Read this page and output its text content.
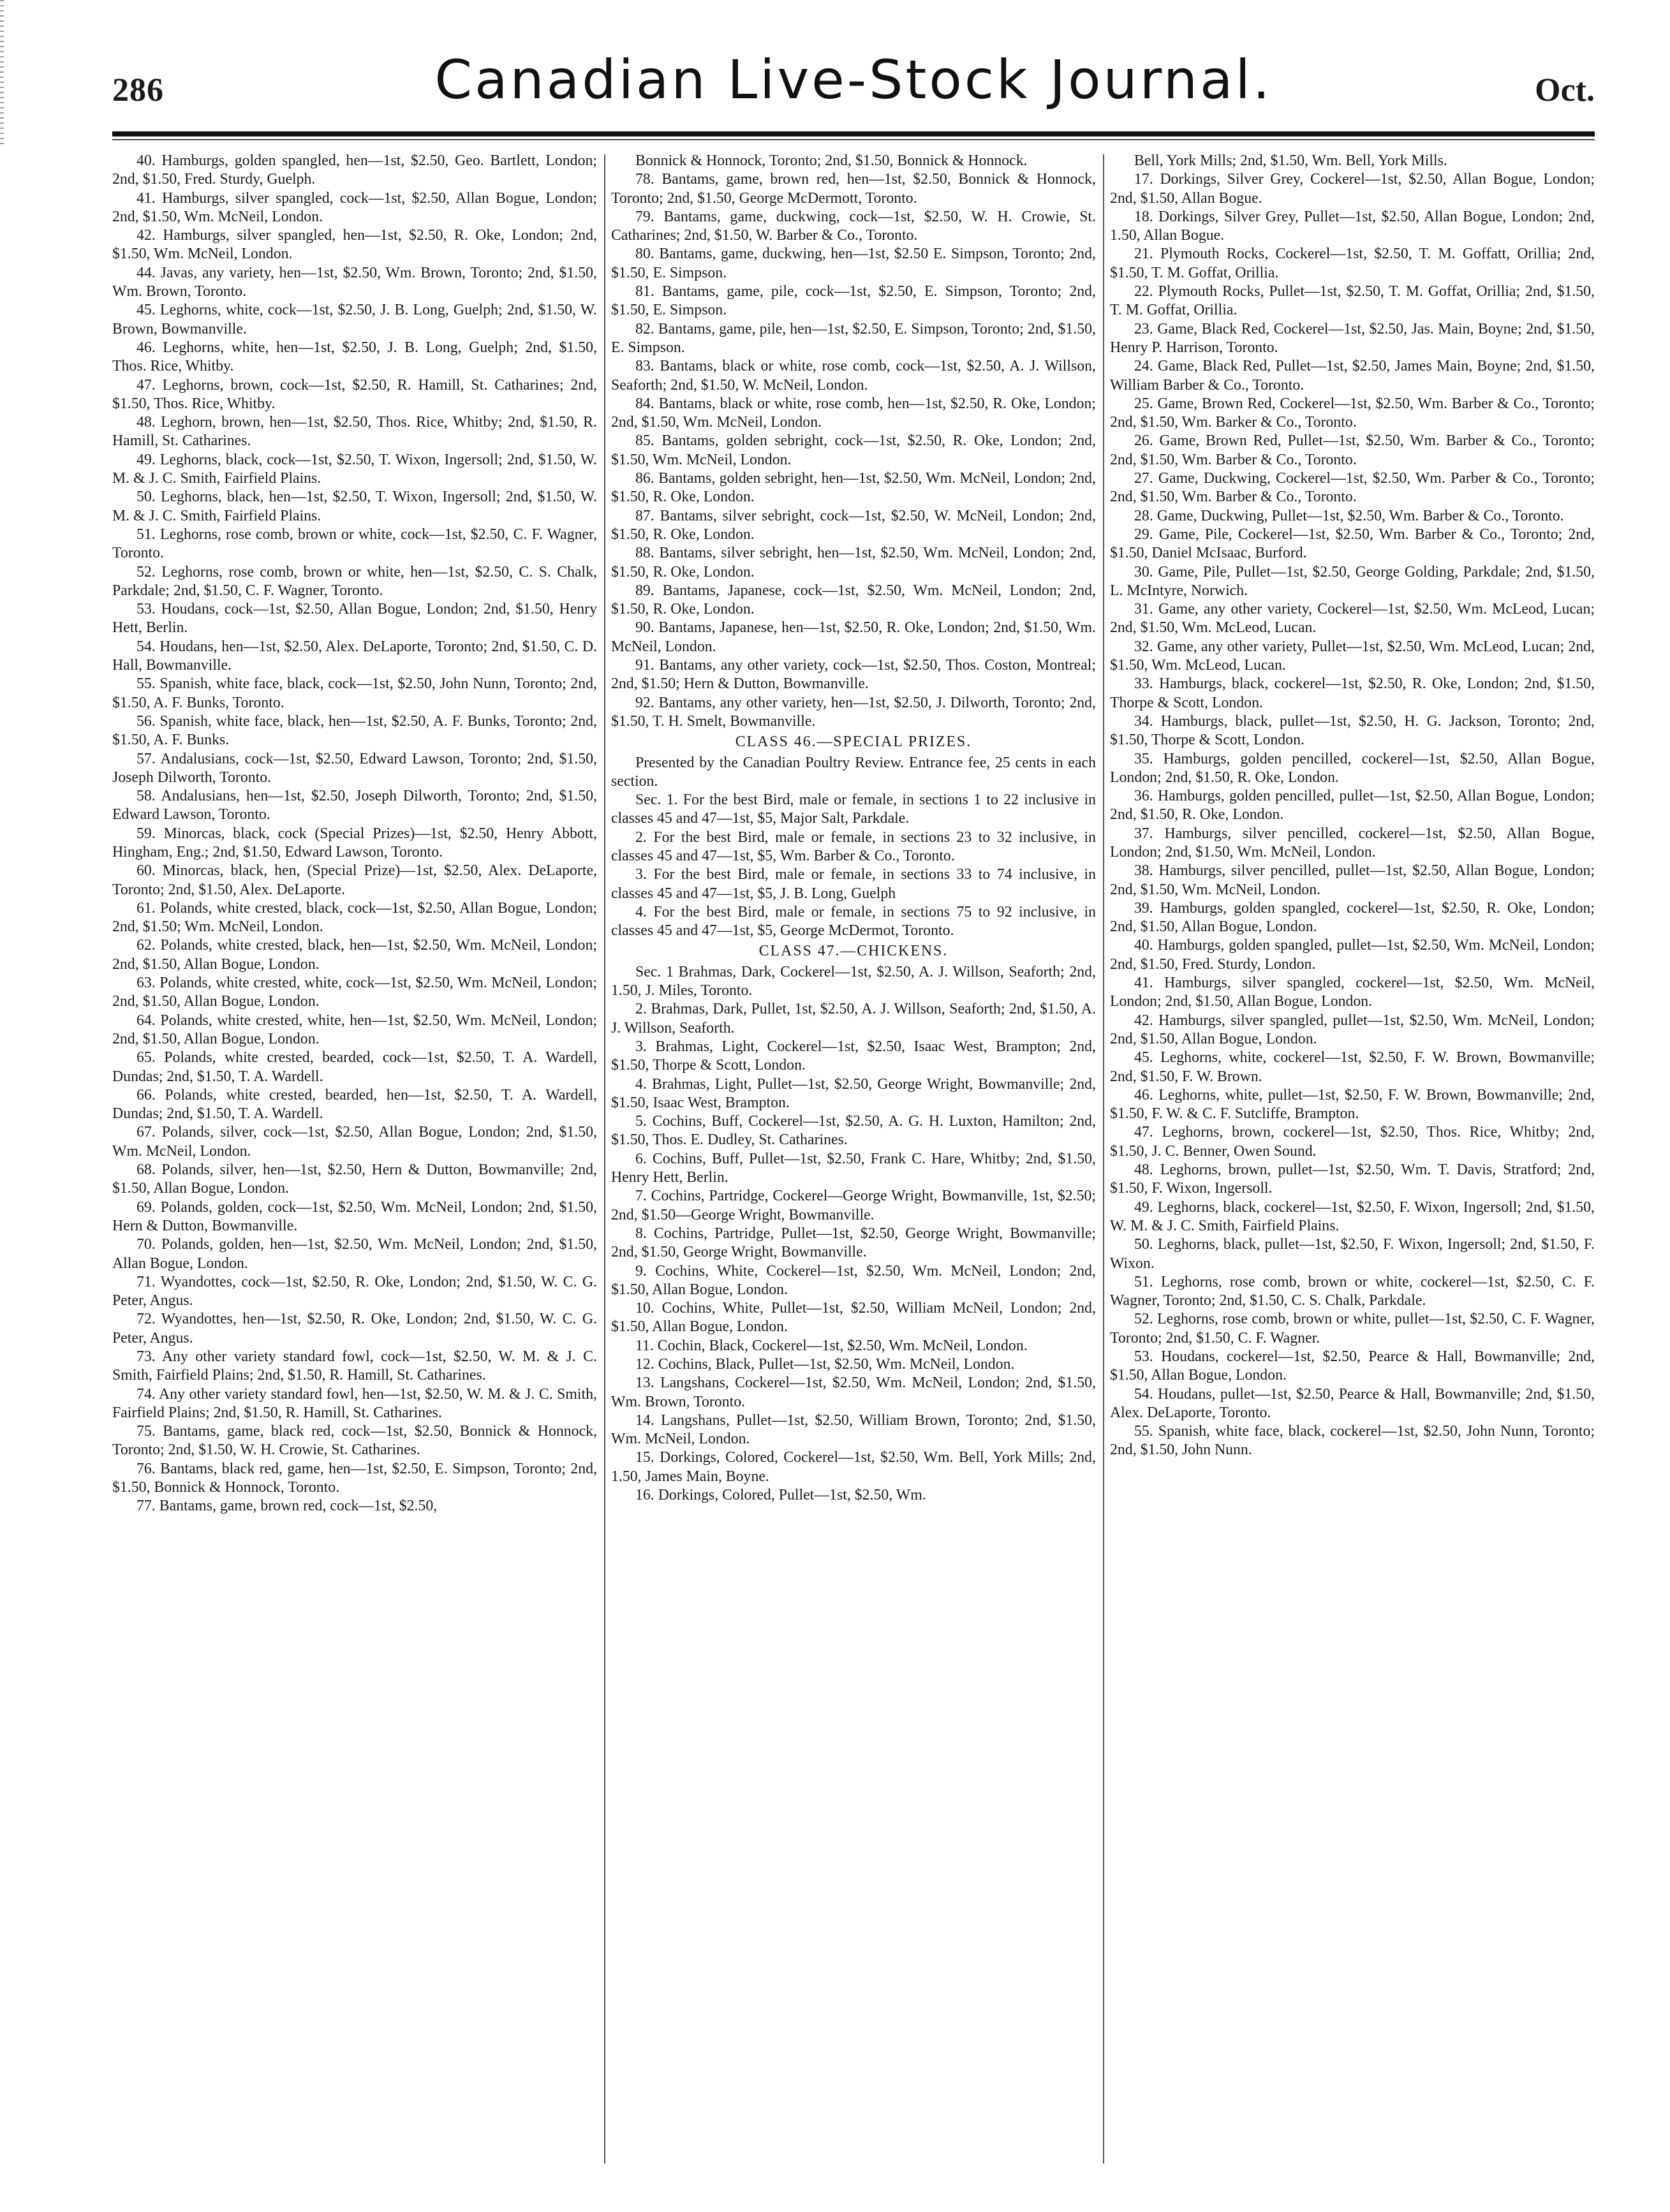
286	Canadian Live-Stock Journal.	Oct.

40. Hamburgs, golden spangled, hen—1st, $2.50, Geo. Bartlett, London; 2nd, $1.50, Fred. Sturdy, Guelph.

41. Hamburgs, silver spangled, cock—1st, $2.50, Allan Bogue, London; 2nd, $1.50, Wm. McNeil, London.

42. Hamburgs, silver spangled, hen—1st, $2.50, R. Oke, London; 2nd, $1.50, Wm. McNeil, London.

44. Javas, any variety, hen—1st, $2.50, Wm. Brown, Toronto; 2nd, $1.50, Wm. Brown, Toronto.

45. Leghorns, white, cock—1st, $2.50, J. B. Long, Guelph; 2nd, $1.50, W. Brown, Bowmanville.

46. Leghorns, white, hen—1st, $2.50, J. B. Long, Guelph; 2nd, $1.50, Thos. Rice, Whitby.

47. Leghorns, brown, cock—1st, $2.50, R. Hamill, St. Catharines; 2nd, $1.50, Thos. Rice, Whitby.

48. Leghorn, brown, hen—1st, $2.50, Thos. Rice, Whitby; 2nd, $1.50, R. Hamill, St. Catharines.

49. Leghorns, black, cock—1st, $2.50, T. Wixon, Ingersoll; 2nd, $1.50, W. M. & J. C. Smith, Fairfield Plains.

50. Leghorns, black, hen—1st, $2.50, T. Wixon, Ingersoll; 2nd, $1.50, W. M. & J. C. Smith, Fairfield Plains.

51. Leghorns, rose comb, brown or white, cock—1st, $2.50, C. F. Wagner, Toronto.

52. Leghorns, rose comb, brown or white, hen—1st, $2.50, C. S. Chalk, Parkdale; 2nd, $1.50, C. F. Wagner, Toronto.

53. Houdans, cock—1st, $2.50, Allan Bogue, London; 2nd, $1.50, Henry Hett, Berlin.

54. Houdans, hen—1st, $2.50, Alex. DeLaporte, Toronto; 2nd, $1.50, C. D. Hall, Bowmanville.

55. Spanish, white face, black, cock—1st, $2.50, John Nunn, Toronto; 2nd, $1.50, A. F. Bunks, Toronto.

56. Spanish, white face, black, hen—1st, $2.50, A. F. Bunks, Toronto; 2nd, $1.50, A. F. Bunks.

57. Andalusians, cock—1st, $2.50, Edward Lawson, Toronto; 2nd, $1.50, Joseph Dilworth, Toronto.

58. Andalusians, hen—1st, $2.50, Joseph Dilworth, Toronto; 2nd, $1.50, Edward Lawson, Toronto.

59. Minorcas, black, cock (Special Prizes)—1st, $2.50, Henry Abbott, Hingham, Eng.; 2nd, $1.50, Edward Lawson, Toronto.

60. Minorcas, black, hen, (Special Prize)—1st, $2.50, Alex. DeLaporte, Toronto; 2nd, $1.50, Alex. DeLaporte.

61. Polands, white crested, black, cock—1st, $2.50, Allan Bogue, London; 2nd, $1.50; Wm. McNeil, London.

62. Polands, white crested, black, hen—1st, $2.50, Wm. McNeil, London; 2nd, $1.50, Allan Bogue, London.

63. Polands, white crested, white, cock—1st, $2.50, Wm. McNeil, London; 2nd, $1.50, Allan Bogue, London.

64. Polands, white crested, white, hen—1st, $2.50, Wm. McNeil, London; 2nd, $1.50, Allan Bogue, London.

65. Polands, white crested, bearded, cock—1st, $2.50, T. A. Wardell, Dundas; 2nd, $1.50, T. A. Wardell.

66. Polands, white crested, bearded, hen—1st, $2.50, T. A. Wardell, Dundas; 2nd, $1.50, T. A. Wardell.

67. Polands, silver, cock—1st, $2.50, Allan Bogue, London; 2nd, $1.50, Wm. McNeil, London.

68. Polands, silver, hen—1st, $2.50, Hern & Dutton, Bowmanville; 2nd, $1.50, Allan Bogue, London.

69. Polands, golden, cock—1st, $2.50, Wm. McNeil, London; 2nd, $1.50, Hern & Dutton, Bowmanville.

70. Polands, golden, hen—1st, $2.50, Wm. McNeil, London; 2nd, $1.50, Allan Bogue, London.

71. Wyandottes, cock—1st, $2.50, R. Oke, London; 2nd, $1.50, W. C. G. Peter, Angus.

72. Wyandottes, hen—1st, $2.50, R. Oke, London; 2nd, $1.50, W. C. G. Peter, Angus.

73. Any other variety standard fowl, cock—1st, $2.50, W. M. & J. C. Smith, Fairfield Plains; 2nd, $1.50, R. Hamill, St. Catharines.

74. Any other variety standard fowl, hen—1st, $2.50, W. M. & J. C. Smith, Fairfield Plains; 2nd, $1.50, R. Hamill, St. Catharines.

75. Bantams, game, black red, cock—1st, $2.50, Bonnick & Honnock, Toronto; 2nd, $1.50, W. H. Crowie, St. Catharines.

76. Bantams, black red, game, hen—1st, $2.50, E. Simpson, Toronto; 2nd, $1.50, Bonnick & Honnock, Toronto.

77. Bantams, game, brown red, cock—1st, $2.50,

Bonnick & Honnock, Toronto; 2nd, $1.50, Bonnick & Honnock.

78. Bantams, game, brown red, hen—1st, $2.50, Bonnick & Honnock, Toronto; 2nd, $1.50, George McDermott, Toronto.

79. Bantams, game, duckwing, cock—1st, $2.50, W. H. Crowie, St. Catharines; 2nd, $1.50, W. Barber & Co., Toronto.

80. Bantams, game, duckwing, hen—1st, $2.50 E. Simpson, Toronto; 2nd, $1.50, E. Simpson.

81. Bantams, game, pile, cock—1st, $2.50, E. Simpson, Toronto; 2nd, $1.50, E. Simpson.

82. Bantams, game, pile, hen—1st, $2.50, E. Simpson, Toronto; 2nd, $1.50, E. Simpson.

83. Bantams, black or white, rose comb, cock—1st, $2.50, A. J. Willson, Seaforth; 2nd, $1.50, W. McNeil, London.

84. Bantams, black or white, rose comb, hen—1st, $2.50, R. Oke, London; 2nd, $1.50, Wm. McNeil, London.

85. Bantams, golden sebright, cock—1st, $2.50, R. Oke, London; 2nd, $1.50, Wm. McNeil, London.

86. Bantams, golden sebright, hen—1st, $2.50, Wm. McNeil, London; 2nd, $1.50, R. Oke, London.

87. Bantams, silver sebright, cock—1st, $2.50, W. McNeil, London; 2nd, $1.50, R. Oke, London.

88. Bantams, silver sebright, hen—1st, $2.50, Wm. McNeil, London; 2nd, $1.50, R. Oke, London.

89. Bantams, Japanese, cock—1st, $2.50, Wm. McNeil, London; 2nd, $1.50, R. Oke, London.

90. Bantams, Japanese, hen—1st, $2.50, R. Oke, London; 2nd, $1.50, Wm. McNeil, London.

91. Bantams, any other variety, cock—1st, $2.50, Thos. Coston, Montreal; 2nd, $1.50; Hern & Dutton, Bowmanville.

92. Bantams, any other variety, hen—1st, $2.50, J. Dilworth, Toronto; 2nd, $1.50, T. H. Smelt, Bowmanville.

CLASS 46.—SPECIAL PRIZES.

Presented by the Canadian Poultry Review. Entrance fee, 25 cents in each section.

Sec. 1. For the best Bird, male or female, in sections 1 to 22 inclusive in classes 45 and 47—1st, $5, Major Salt, Parkdale.

2. For the best Bird, male or female, in sections 23 to 32 inclusive, in classes 45 and 47—1st, $5, Wm. Barber & Co., Toronto.

3. For the best Bird, male or female, in sections 33 to 74 inclusive, in classes 45 and 47—1st, $5, J. B. Long, Guelph

4. For the best Bird, male or female, in sections 75 to 92 inclusive, in classes 45 and 47—1st, $5, George McDermot, Toronto.

CLASS 47.—CHICKENS.

Sec. 1 Brahmas, Dark, Cockerel—1st, $2.50, A. J. Willson, Seaforth; 2nd, 1.50, J. Miles, Toronto.

2. Brahmas, Dark, Pullet, 1st, $2.50, A. J. Willson, Seaforth; 2nd, $1.50, A. J. Willson, Seaforth.

3. Brahmas, Light, Cockerel—1st, $2.50, Isaac West, Brampton; 2nd, $1.50, Thorpe & Scott, London.

4. Brahmas, Light, Pullet—1st, $2.50, George Wright, Bowmanville; 2nd, $1.50, Isaac West, Brampton.

5. Cochins, Buff, Cockerel—1st, $2.50, A. G. H. Luxton, Hamilton; 2nd, $1.50, Thos. E. Dudley, St. Catharines.

6. Cochins, Buff, Pullet—1st, $2.50, Frank C. Hare, Whitby; 2nd, $1.50, Henry Hett, Berlin.

7. Cochins, Partridge, Cockerel—George Wright, Bowmanville, 1st, $2.50; 2nd, $1.50—George Wright, Bowmanville.

8. Cochins, Partridge, Pullet—1st, $2.50, George Wright, Bowmanville; 2nd, $1.50, George Wright, Bowmanville.

9. Cochins, White, Cockerel—1st, $2.50, Wm. McNeil, London; 2nd, $1.50, Allan Bogue, London.

10. Cochins, White, Pullet—1st, $2.50, William McNeil, London; 2nd, $1.50, Allan Bogue, London.

11. Cochin, Black, Cockerel—1st, $2.50, Wm. McNeil, London.

12. Cochins, Black, Pullet—1st, $2.50, Wm. McNeil, London.

13. Langshans, Cockerel—1st, $2.50, Wm. McNeil, London; 2nd, $1.50, Wm. Brown, Toronto.

14. Langshans, Pullet—1st, $2.50, William Brown, Toronto; 2nd, $1.50, Wm. McNeil, London.

15. Dorkings, Colored, Cockerel—1st, $2.50, Wm. Bell, York Mills; 2nd, 1.50, James Main, Boyne.

16. Dorkings, Colored, Pullet—1st, $2.50, Wm.

Bell, York Mills; 2nd, $1.50, Wm. Bell, York Mills.

17. Dorkings, Silver Grey, Cockerel—1st, $2.50, Allan Bogue, London; 2nd, $1.50, Allan Bogue.

18. Dorkings, Silver Grey, Pullet—1st, $2.50, Allan Bogue, London; 2nd, 1.50, Allan Bogue.

21. Plymouth Rocks, Cockerel—1st, $2.50, T. M. Goffatt, Orillia; 2nd, $1.50, T. M. Goffat, Orillia.

22. Plymouth Rocks, Pullet—1st, $2.50, T. M. Goffat, Orillia; 2nd, $1.50, T. M. Goffat, Orillia.

23. Game, Black Red, Cockerel—1st, $2.50, Jas. Main, Boyne; 2nd, $1.50, Henry P. Harrison, Toronto.

24. Game, Black Red, Pullet—1st, $2.50, James Main, Boyne; 2nd, $1.50, William Barber & Co., Toronto.

25. Game, Brown Red, Cockerel—1st, $2.50, Wm. Barber & Co., Toronto; 2nd, $1.50, Wm. Barker & Co., Toronto.

26. Game, Brown Red, Pullet—1st, $2.50, Wm. Barber & Co., Toronto; 2nd, $1.50, Wm. Barber & Co., Toronto.

27. Game, Duckwing, Cockerel—1st, $2.50, Wm. Parber & Co., Toronto; 2nd, $1.50, Wm. Barber & Co., Toronto.

28. Game, Duckwing, Pullet—1st, $2.50, Wm. Barber & Co., Toronto.

29. Game, Pile, Cockerel—1st, $2.50, Wm. Barber & Co., Toronto; 2nd, $1.50, Daniel McIsaac, Burford.

30. Game, Pile, Pullet—1st, $2.50, George Golding, Parkdale; 2nd, $1.50, L. McIntyre, Norwich.

31. Game, any other variety, Cockerel—1st, $2.50, Wm. McLeod, Lucan; 2nd, $1.50, Wm. McLeod, Lucan.

32. Game, any other variety, Pullet—1st, $2.50, Wm. McLeod, Lucan; 2nd, $1.50, Wm. McLeod, Lucan.

33. Hamburgs, black, cockerel—1st, $2.50, R. Oke, London; 2nd, $1.50, Thorpe & Scott, London.

34. Hamburgs, black, pullet—1st, $2.50, H. G. Jackson, Toronto; 2nd, $1.50, Thorpe & Scott, London.

35. Hamburgs, golden pencilled, cockerel—1st, $2.50, Allan Bogue, London; 2nd, $1.50, R. Oke, London.

36. Hamburgs, golden pencilled, pullet—1st, $2.50, Allan Bogue, London; 2nd, $1.50, R. Oke, London.

37. Hamburgs, silver pencilled, cockerel—1st, $2.50, Allan Bogue, London; 2nd, $1.50, Wm. McNeil, London.

38. Hamburgs, silver pencilled, pullet—1st, $2.50, Allan Bogue, London; 2nd, $1.50, Wm. McNeil, London.

39. Hamburgs, golden spangled, cockerel—1st, $2.50, R. Oke, London; 2nd, $1.50, Allan Bogue, London.

40. Hamburgs, golden spangled, pullet—1st, $2.50, Wm. McNeil, London; 2nd, $1.50, Fred. Sturdy, London.

41. Hamburgs, silver spangled, cockerel—1st, $2.50, Wm. McNeil, London; 2nd, $1.50, Allan Bogue, London.

42. Hamburgs, silver spangled, pullet—1st, $2.50, Wm. McNeil, London; 2nd, $1.50, Allan Bogue, London.

45. Leghorns, white, cockerel—1st, $2.50, F. W. Brown, Bowmanville; 2nd, $1.50, F. W. Brown.

46. Leghorns, white, pullet—1st, $2.50, F. W. Brown, Bowmanville; 2nd, $1.50, F. W. & C. F. Sutcliffe, Brampton.

47. Leghorns, brown, cockerel—1st, $2.50, Thos. Rice, Whitby; 2nd, $1.50, J. C. Benner, Owen Sound.

48. Leghorns, brown, pullet—1st, $2.50, Wm. T. Davis, Stratford; 2nd, $1.50, F. Wixon, Ingersoll.

49. Leghorns, black, cockerel—1st, $2.50, F. Wixon, Ingersoll; 2nd, $1.50, W. M. & J. C. Smith, Fairfield Plains.

50. Leghorns, black, pullet—1st, $2.50, F. Wixon, Ingersoll; 2nd, $1.50, F. Wixon.

51. Leghorns, rose comb, brown or white, cockerel—1st, $2.50, C. F. Wagner, Toronto; 2nd, $1.50, C. S. Chalk, Parkdale.

52. Leghorns, rose comb, brown or white, pullet—1st, $2.50, C. F. Wagner, Toronto; 2nd, $1.50, C. F. Wagner.

53. Houdans, cockerel—1st, $2.50, Pearce & Hall, Bowmanville; 2nd, $1.50, Allan Bogue, London.

54. Houdans, pullet—1st, $2.50, Pearce & Hall, Bowmanville; 2nd, $1.50, Alex. DeLaporte, Toronto.

55. Spanish, white face, black, cockerel—1st, $2.50, John Nunn, Toronto; 2nd, $1.50, John Nunn.
